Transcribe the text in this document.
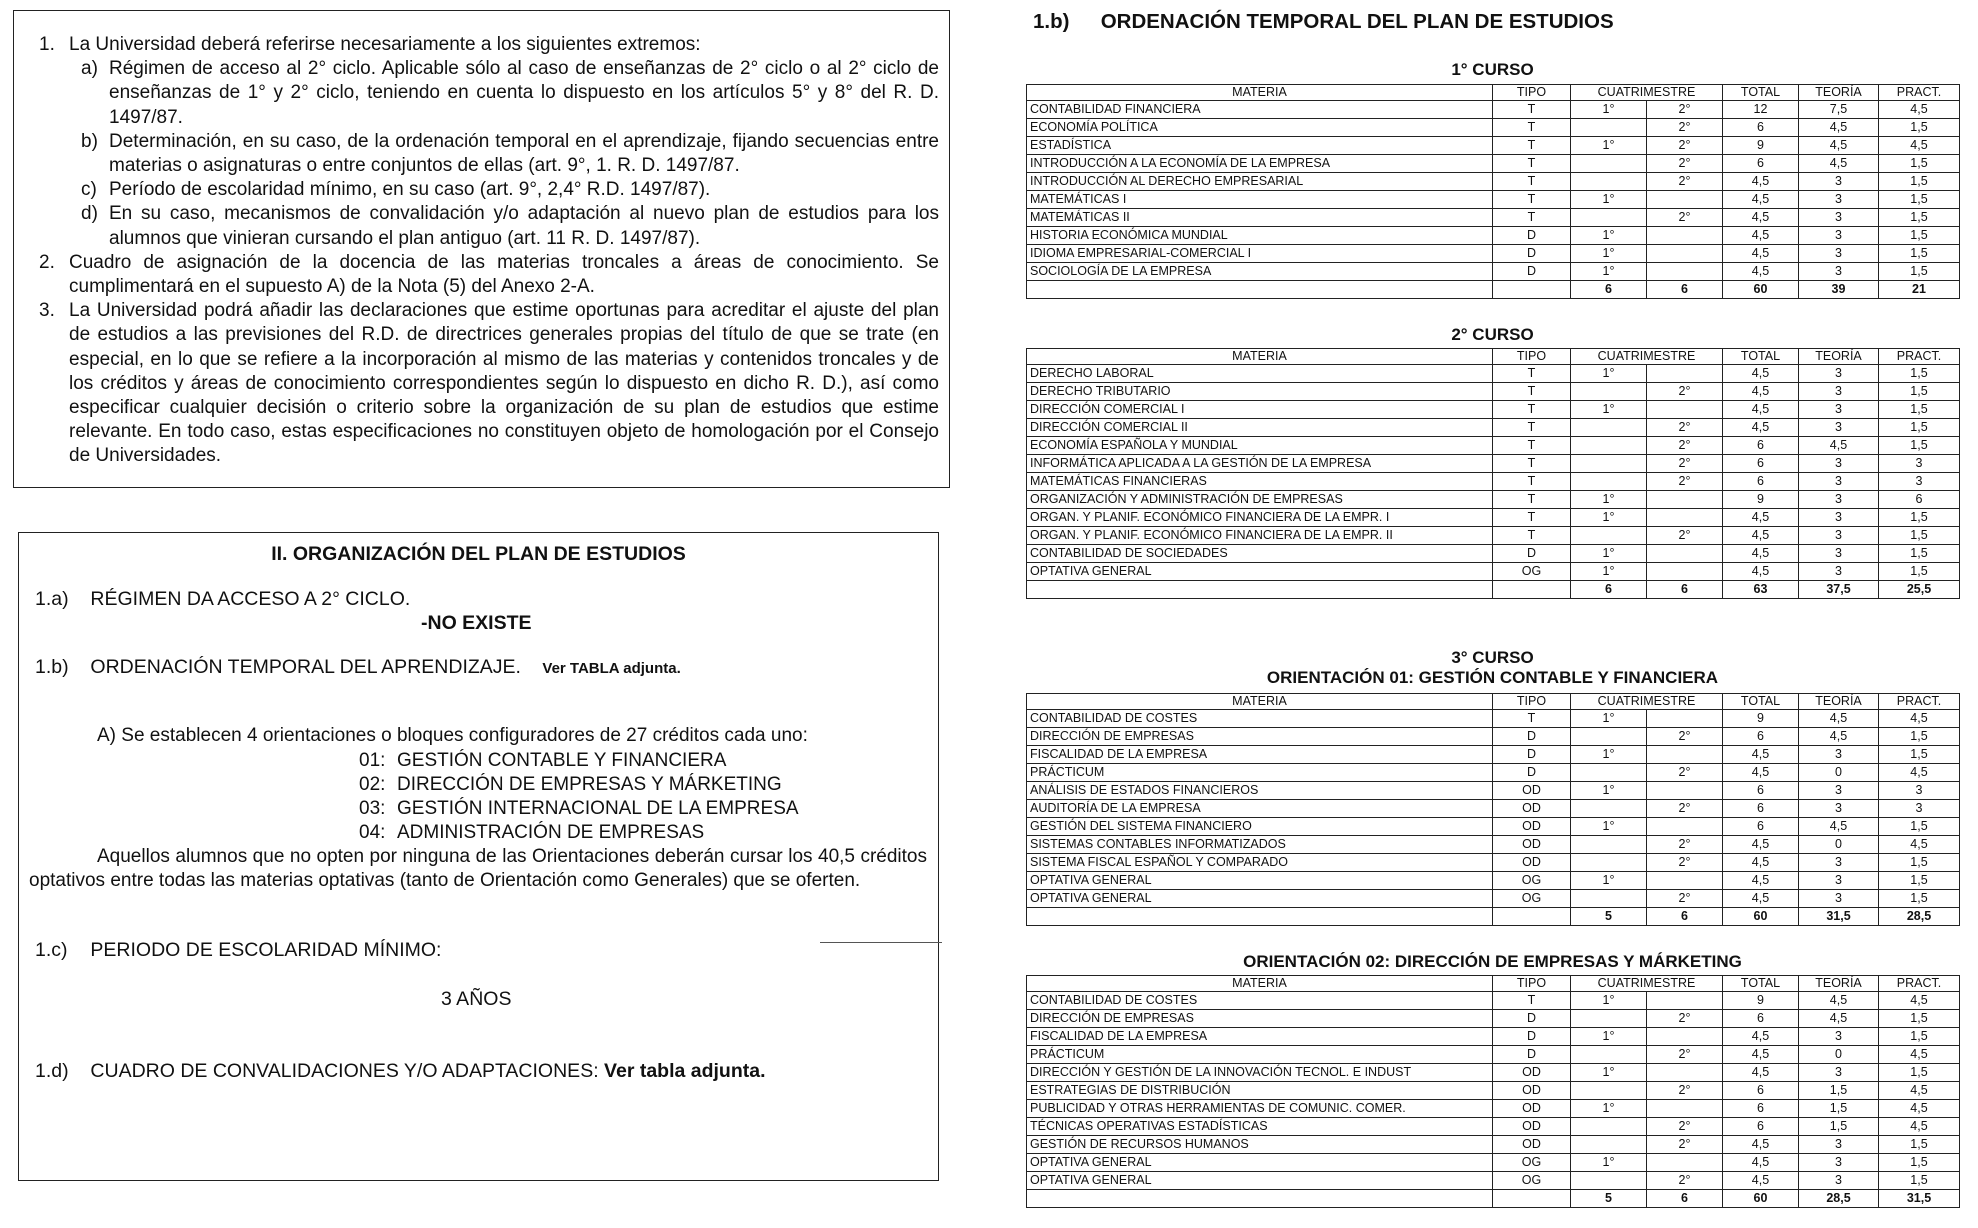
1. La Universidad deberá referirse necesariamente a los siguientes extremos:
a) Régimen de acceso al 2° ciclo. Aplicable sólo al caso de enseñanzas de 2° ciclo o al 2° ciclo de enseñanzas de 1° y 2° ciclo, teniendo en cuenta lo dispuesto en los artículos 5° y 8° del R. D. 1497/87.
b) Determinación, en su caso, de la ordenación temporal en el aprendizaje, fijando secuencias entre materias o asignaturas o entre conjuntos de ellas (art. 9°, 1. R. D. 1497/87.
c) Período de escolaridad mínimo, en su caso (art. 9°, 2,4° R.D. 1497/87).
d) En su caso, mecanismos de convalidación y/o adaptación al nuevo plan de estudios para los alumnos que vinieran cursando el plan antiguo (art. 11 R. D. 1497/87).
2. Cuadro de asignación de la docencia de las materias troncales a áreas de conocimiento. Se cumplimentará en el supuesto A) de la Nota (5) del Anexo 2-A.
3. La Universidad podrá añadir las declaraciones que estime oportunas para acreditar el ajuste del plan de estudios a las previsiones del R.D. de directrices generales propias del título de que se trate (en especial, en lo que se refiere a la incorporación al mismo de las materias y contenidos troncales y de los créditos y áreas de conocimiento correspondientes según lo dispuesto en dicho R. D.), así como especificar cualquier decisión o criterio sobre la organización de su plan de estudios que estime relevante. En todo caso, estas especificaciones no constituyen objeto de homologación por el Consejo de Universidades.
II. ORGANIZACIÓN DEL PLAN DE ESTUDIOS
1.a) RÉGIMEN DA ACCESO A 2° CICLO.
-NO EXISTE
1.b) ORDENACIÓN TEMPORAL DEL APRENDIZAJE. Ver TABLA adjunta.
A) Se establecen 4 orientaciones o bloques configuradores de 27 créditos cada uno:
01: GESTIÓN CONTABLE Y FINANCIERA
02: DIRECCIÓN DE EMPRESAS Y MÁRKETING
03: GESTIÓN INTERNACIONAL DE LA EMPRESA
04: ADMINISTRACIÓN DE EMPRESAS
Aquellos alumnos que no opten por ninguna de las Orientaciones deberán cursar los 40,5 créditos optativos entre todas las materias optativas (tanto de Orientación como Generales) que se oferten.
1.c) PERIODO DE ESCOLARIDAD MÍNIMO:
3 AÑOS
1.d) CUADRO DE CONVALIDACIONES Y/O ADAPTACIONES: Ver tabla adjunta.
1.b) ORDENACIÓN TEMPORAL DEL PLAN DE ESTUDIOS
1° CURSO
MATERIA	TIPO	CUATRIMESTRE		TOTAL	TEORÍA	PRACT.
CONTABILIDAD FINANCIERA	T	1°	2°	12	7,5	4,5
ECONOMÍA POLÍTICA	T		2°	6	4,5	1,5
ESTADÍSTICA	T	1°	2°	9	4,5	4,5
INTRODUCCIÓN A LA ECONOMÍA DE LA EMPRESA	T		2°	6	4,5	1,5
INTRODUCCIÓN AL DERECHO EMPRESARIAL	T		2°	4,5	3	1,5
MATEMÁTICAS I	T	1°		4,5	3	1,5
MATEMÁTICAS II	T		2°	4,5	3	1,5
HISTORIA ECONÓMICA MUNDIAL	D	1°		4,5	3	1,5
IDIOMA EMPRESARIAL-COMERCIAL I	D	1°		4,5	3	1,5
SOCIOLOGÍA DE LA EMPRESA	D	1°		4,5	3	1,5
		6	6	60	39	21
2° CURSO
MATERIA	TIPO	CUATRIMESTRE		TOTAL	TEORÍA	PRACT.
DERECHO LABORAL	T	1°		4,5	3	1,5
DERECHO TRIBUTARIO	T		2°	4,5	3	1,5
DIRECCIÓN COMERCIAL I	T	1°		4,5	3	1,5
DIRECCIÓN COMERCIAL II	T		2°	4,5	3	1,5
ECONOMÍA ESPAÑOLA Y MUNDIAL	T		2°	6	4,5	1,5
INFORMÁTICA APLICADA A LA GESTIÓN DE LA EMPRESA	T		2°	6	3	3
MATEMÁTICAS FINANCIERAS	T		2°	6	3	3
ORGANIZACIÓN Y ADMINISTRACIÓN DE EMPRESAS	T	1°		9	3	6
ORGAN. Y PLANIF. ECONÓMICO FINANCIERA DE LA EMPR. I	T	1°		4,5	3	1,5
ORGAN. Y PLANIF. ECONÓMICO FINANCIERA DE LA EMPR. II	T		2°	4,5	3	1,5
CONTABILIDAD DE SOCIEDADES	D	1°		4,5	3	1,5
OPTATIVA GENERAL	OG	1°		4,5	3	1,5
		6	6	63	37,5	25,5
3° CURSO
ORIENTACIÓN 01: GESTIÓN CONTABLE Y FINANCIERA
MATERIA	TIPO	CUATRIMESTRE		TOTAL	TEORÍA	PRACT.
CONTABILIDAD DE COSTES	T	1°		9	4,5	4,5
DIRECCIÓN DE EMPRESAS	D		2°	6	4,5	1,5
FISCALIDAD DE LA EMPRESA	D	1°		4,5	3	1,5
PRÁCTICUM	D		2°	4,5	0	4,5
ANÁLISIS DE ESTADOS FINANCIEROS	OD	1°		6	3	3
AUDITORÍA DE LA EMPRESA	OD		2°	6	3	3
GESTIÓN DEL SISTEMA FINANCIERO	OD	1°		6	4,5	1,5
SISTEMAS CONTABLES INFORMATIZADOS	OD		2°	4,5	0	4,5
SISTEMA FISCAL ESPAÑOL Y COMPARADO	OD		2°	4,5	3	1,5
OPTATIVA GENERAL	OG	1°		4,5	3	1,5
OPTATIVA GENERAL	OG		2°	4,5	3	1,5
		5	6	60	31,5	28,5
ORIENTACIÓN 02: DIRECCIÓN DE EMPRESAS Y MÁRKETING
MATERIA	TIPO	CUATRIMESTRE		TOTAL	TEORÍA	PRACT.
CONTABILIDAD DE COSTES	T	1°		9	4,5	4,5
DIRECCIÓN DE EMPRESAS	D		2°	6	4,5	1,5
FISCALIDAD DE LA EMPRESA	D	1°		4,5	3	1,5
PRÁCTICUM	D		2°	4,5	0	4,5
DIRECCIÓN Y GESTIÓN DE LA INNOVACIÓN TECNOL. E INDUST	OD	1°		4,5	3	1,5
ESTRATEGIAS DE DISTRIBUCIÓN	OD		2°	6	1,5	4,5
PUBLICIDAD Y OTRAS HERRAMIENTAS DE COMUNIC. COMER.	OD	1°		6	1,5	4,5
TÉCNICAS OPERATIVAS ESTADÍSTICAS	OD		2°	6	1,5	4,5
GESTIÓN DE RECURSOS HUMANOS	OD		2°	4,5	3	1,5
OPTATIVA GENERAL	OG	1°		4,5	3	1,5
OPTATIVA GENERAL	OG		2°	4,5	3	1,5
		5	6	60	28,5	31,5
